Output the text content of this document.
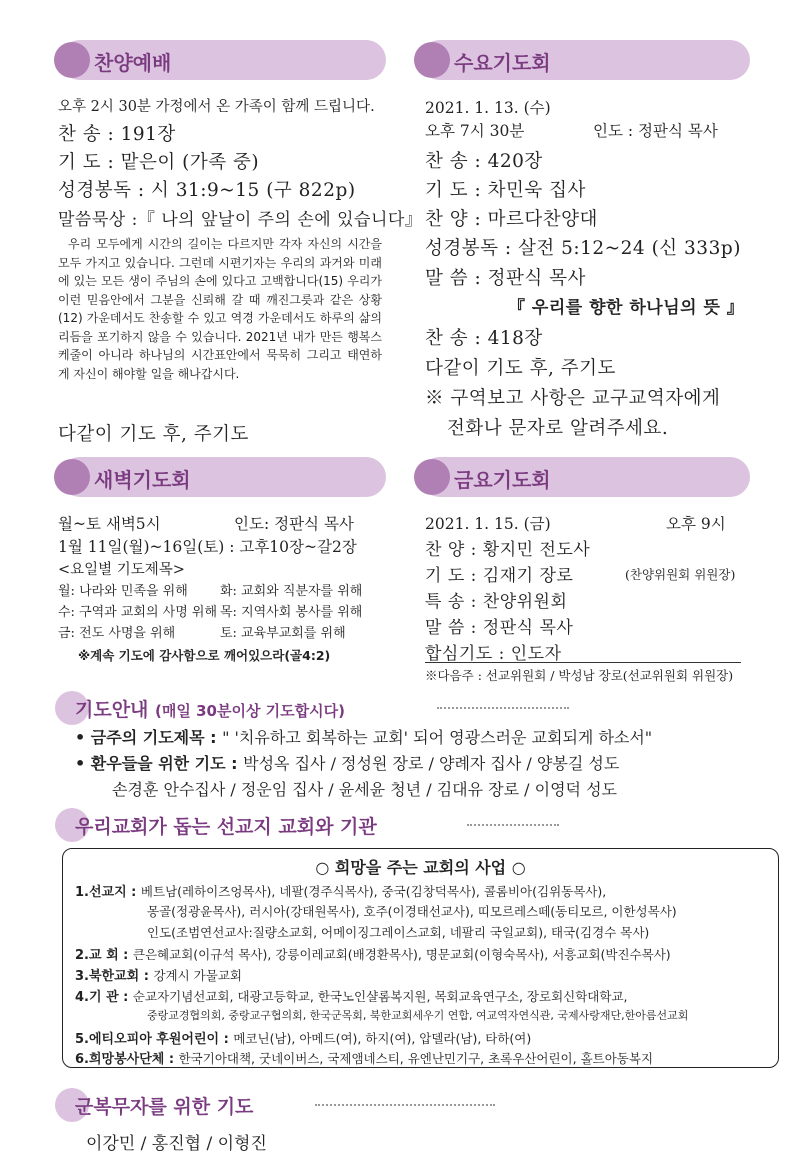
찬양예배
오후 2시 30분 가정에서 온 가족이 함께 드립니다.
찬 송 : 191장
기 도 : 맡은이 (가족 중)
성경봉독 : 시 31:9~15 (구 822p)
말씀묵상 :『 나의 앞날이 주의 손에 있습니다』
우리 모두에게 시간의 길이는 다르지만 각자 자신의 시간을 모두 가지고 있습니다. 그런데 시편기자는 우리의 과거와 미래에 있는 모든 생이 주님의 손에 있다고 고백합니다(15) 우리가 이런 믿음안에서 그분을 신뢰해 갈 때 깨진그릇과 같은 상황(12) 가운데서도 찬송할 수 있고 역경 가운데서도 하루의 삶의 리듬을 포기하지 않을 수 있습니다. 2021년 내가 만든 행복스케줄이 아니라 하나님의 시간표안에서 묵묵히 그리고 태연하게 자신이 해야할 일을 해나갑시다.
다같이 기도 후, 주기도
수요기도회
2021. 1. 13. (수)
오후 7시 30분	인도 : 정판식 목사
찬 송 : 420장
기 도 : 차민욱 집사
찬 양 : 마르다찬양대
성경봉독 : 살전 5:12~24 (신 333p)
말 씀 : 정판식 목사
『 우리를 향한 하나님의 뜻 』
찬 송 : 418장
다같이 기도 후, 주기도
※ 구역보고 사항은 교구교역자에게
전화나 문자로 알려주세요.
새벽기도회
월~토 새벽5시	인도: 정판식 목사
1월 11일(월)~16일(토) : 고후10장~갈2장
<요일별 기도제목>
월: 나라와 민족을 위해 화: 교회와 직분자를 위해
수: 구역과 교회의 사명 위해 목: 지역사회 봉사를 위해
금: 전도 사명을 위해	토: 교육부교회를 위해
※계속 기도에 감사함으로 깨어있으라(골4:2)
금요기도회
2021. 1. 15. (금)	오후 9시
찬 양 : 황지민 전도사
기 도 : 김재기 장로	(찬양위원회 위원장)
특 송 : 찬양위원회
말 씀 : 정판식 목사
합심기도 : 인도자
※다음주 : 선교위원회 / 박성남 장로(선교위원회 위원장)
기도안내 (매일 30분이상 기도합시다)
• 금주의 기도제목 : " '치유하고 회복하는 교회' 되어 영광스러운 교회되게 하소서"
• 환우들을 위한 기도 : 박성옥 집사 / 정성원 장로 / 양례자 집사 / 양봉길 성도
손경훈 안수집사 / 정운임 집사 / 윤세윤 청년 / 김대유 장로 / 이영덕 성도
우리교회가 돕는 선교지 교회와 기관
○ 희망을 주는 교회의 사업 ○
1.선교지 : 베트남(레하이즈엉목사), 네팔(경주식목사), 중국(김창덕목사), 콜롬비아(김위동목사),
몽골(정광윤목사), 러시아(강태원목사), 호주(이경태선교사), 띠모르레스떼(동티모르, 이한성목사)
인도(조범연선교사:질량소교회, 어메이징그레이스교회, 네팔리 국일교회), 태국(김경수 목사)
2.교 회 : 큰은혜교회(이규석 목사), 강릉이레교회(배경환목사), 명문교회(이형숙목사), 서흥교회(박진수목사)
3.북한교회 : 강계시 가물교회
4.기 관 : 순교자기념선교회, 대광고등학교, 한국노인샬롬복지원, 목회교육연구소, 장로회신학대학교,
중랑교경협의회, 중랑교구협의회, 한국군목회, 북한교회세우기 연합, 여교역자연식관, 국제사랑재단,한아름선교회
5.에티오피아 후원어린이 : 메코닌(남), 아메드(여), 하지(여), 압델라(남), 타하(여)
6.희망봉사단체 : 한국기아대책, 굿네이버스, 국제앰네스티, 유엔난민기구, 초록우산어린이, 홀트아동복지
군복무자를 위한 기도
이강민 / 홍진협 / 이형진
